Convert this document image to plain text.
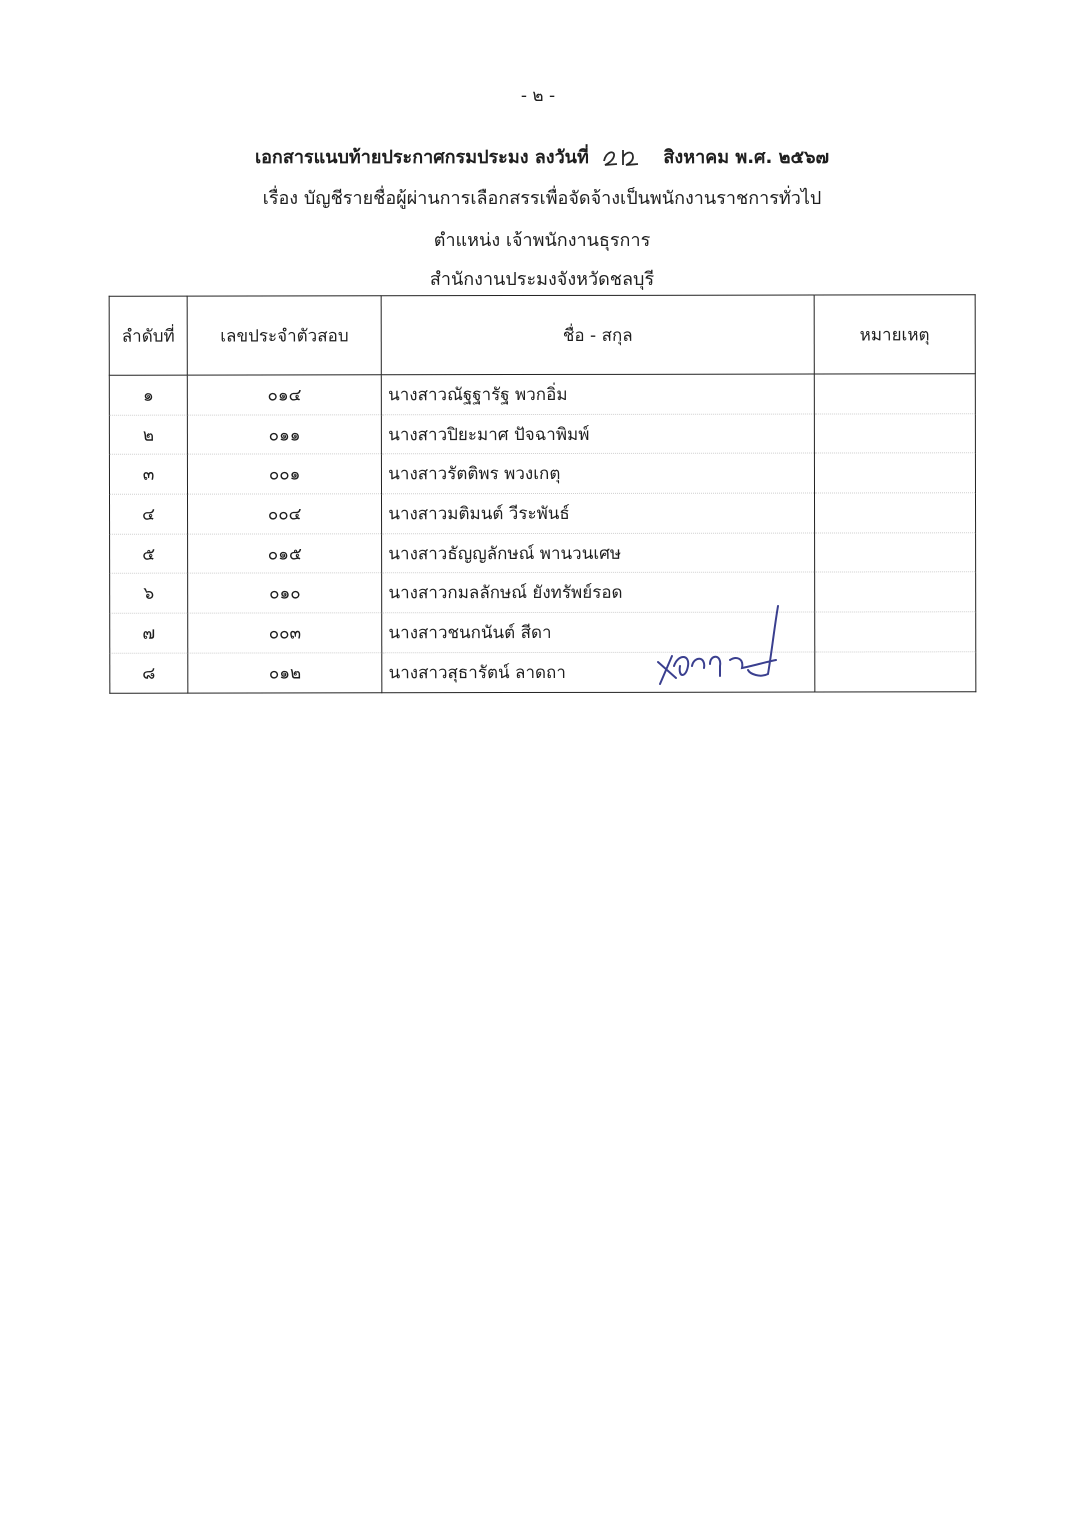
- ๒ -
เอกสารแนบท้ายประกาศกรมประมง ลงวันที่	สิงหาคม พ.ศ. ๒๕๖๗
เรื่อง บัญชีรายชื่อผู้ผ่านการเลือกสรรเพื่อจัดจ้างเป็นพนักงานราชการทั่วไป
ตำแหน่ง เจ้าพนักงานธุรการ
สำนักงานประมงจังหวัดชลบุรี
ลำดับที่	เลขประจำตัวสอบ	ชื่อ - สกุล	หมายเหตุ
๑	๐๑๔	นางสาวณัฐฐารัฐ พวกอิ่ม	
๒	๐๑๑	นางสาวปิยะมาศ ปัจฉาพิมพ์	
๓	๐๐๑	นางสาวรัตติพร พวงเกตุ	
๔	๐๐๔	นางสาวมติมนต์ วีระพันธ์	
๕	๐๑๕	นางสาวธัญญลักษณ์ พานวนเศษ	
๖	๐๑๐	นางสาวกมลลักษณ์ ยังทรัพย์รอด	
๗	๐๐๓	นางสาวชนกนันต์ สีดา	
๘	๐๑๒	นางสาวสุธารัตน์ ลาดถา	
